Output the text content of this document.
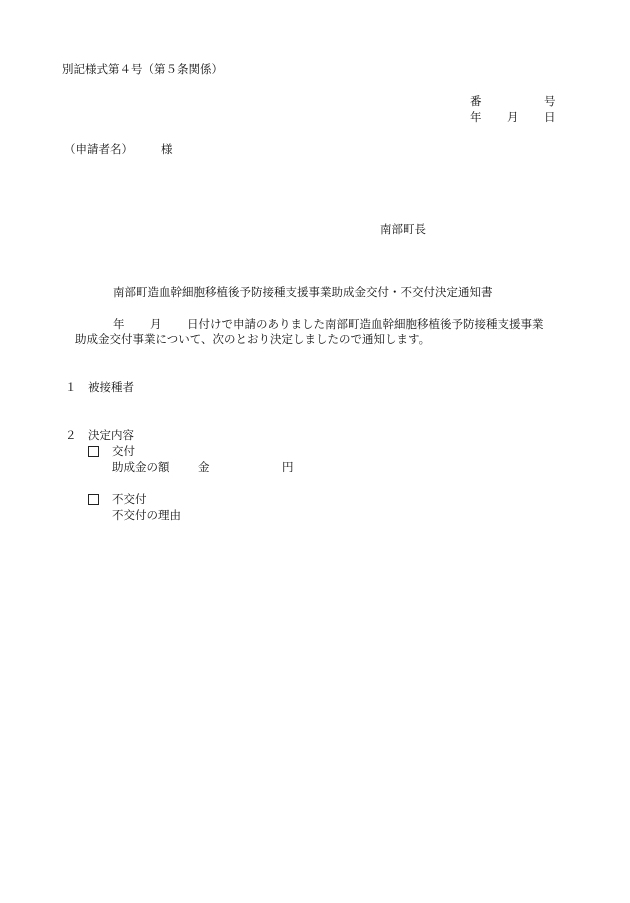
別記様式第４号（第５条関係）
番	号
年 月 日
（申請者名） 様
南部町長
南部町造血幹細胞移植後予防接種支援事業助成金交付・不交付決定通知書
年 月 日付けで申請のありました南部町造血幹細胞移植後予防接種支援事業
助成金交付事業について、次のとおり決定しましたので通知します。
１ 被接種者
２ 決定内容
交付
助成金の額 金	円
不交付
不交付の理由
